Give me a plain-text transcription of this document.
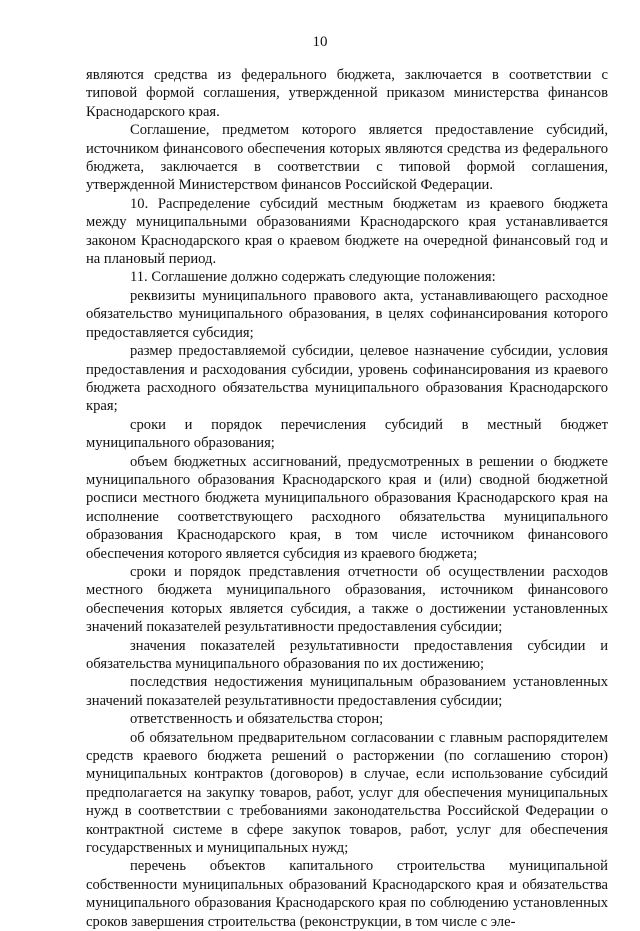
10

являются средства из федерального бюджета, заключается в соответствии с типовой формой соглашения, утвержденной приказом министерства финансов Краснодарского края.

Соглашение, предметом которого является предоставление субсидий, источником финансового обеспечения которых являются средства из федерального бюджета, заключается в соответствии с типовой формой соглашения, утвержденной Министерством финансов Российской Федерации.

10. Распределение субсидий местным бюджетам из краевого бюджета между муниципальными образованиями Краснодарского края устанавливается законом Краснодарского края о краевом бюджете на очередной финансовый год и на плановый период.

11. Соглашение должно содержать следующие положения:

реквизиты муниципального правового акта, устанавливающего расходное обязательство муниципального образования, в целях софинансирования которого предоставляется субсидия;

размер предоставляемой субсидии, целевое назначение субсидии, условия предоставления и расходования субсидии, уровень софинансирования из краевого бюджета расходного обязательства муниципального образования Краснодарского края;

сроки и порядок перечисления субсидий в местный бюджет муниципального образования;

объем бюджетных ассигнований, предусмотренных в решении о бюджете муниципального образования Краснодарского края и (или) сводной бюджетной росписи местного бюджета муниципального образования Краснодарского края на исполнение соответствующего расходного обязательства муниципального образования Краснодарского края, в том числе источником финансового обеспечения которого является субсидия из краевого бюджета;

сроки и порядок представления отчетности об осуществлении расходов местного бюджета муниципального образования, источником финансового обеспечения которых является субсидия, а также о достижении установленных значений показателей результативности предоставления субсидии;

значения показателей результативности предоставления субсидии и обязательства муниципального образования по их достижению;

последствия недостижения муниципальным образованием установленных значений показателей результативности предоставления субсидии;

ответственность и обязательства сторон;

об обязательном предварительном согласовании с главным распорядителем средств краевого бюджета решений о расторжении (по соглашению сторон) муниципальных контрактов (договоров) в случае, если использование субсидий предполагается на закупку товаров, работ, услуг для обеспечения муниципальных нужд в соответствии с требованиями законодательства Российской Федерации о контрактной системе в сфере закупок товаров, работ, услуг для обеспечения государственных и муниципальных нужд;

перечень объектов капитального строительства муниципальной собственности муниципальных образований Краснодарского края и обязательства муниципального образования Краснодарского края по соблюдению установленных сроков завершения строительства (реконструкции, в том числе с эле-
